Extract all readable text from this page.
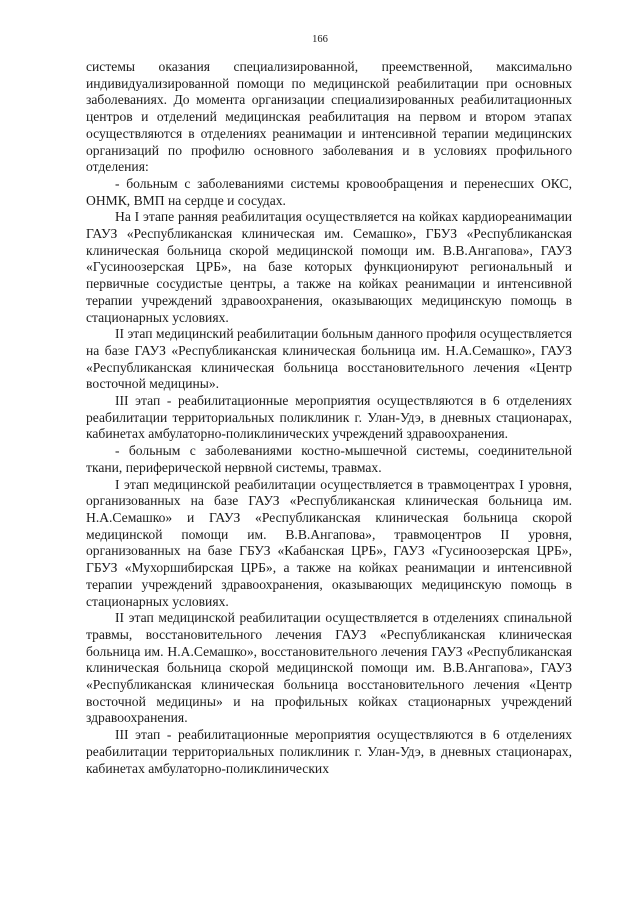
166

системы оказания специализированной, преемственной, максимально индивидуализированной помощи по медицинской реабилитации при основных заболеваниях. До момента организации специализированных реабилитационных центров и отделений медицинская реабилитация на первом и втором этапах осуществляются в отделениях реанимации и интенсивной терапии медицинских организаций по профилю основного заболевания и в условиях профильного отделения:

- больным с заболеваниями системы кровообращения и перенесших ОКС, ОНМК, ВМП на сердце и сосудах.

На I этапе ранняя реабилитация осуществляется на койках кардиореанимации ГАУЗ «Республиканская клиническая им. Семашко», ГБУЗ «Республиканская клиническая больница скорой медицинской помощи им. В.В.Ангапова», ГАУЗ «Гусиноозерская ЦРБ», на базе которых функционируют региональный и первичные сосудистые центры, а также на койках реанимации и интенсивной терапии учреждений здравоохранения, оказывающих медицинскую помощь в стационарных условиях.

II этап медицинский реабилитации больным данного профиля осуществляется на базе ГАУЗ «Республиканская клиническая больница им. Н.А.Семашко», ГАУЗ «Республиканская клиническая больница восстановительного лечения «Центр восточной медицины».

III этап - реабилитационные мероприятия осуществляются в 6 отделениях реабилитации территориальных поликлиник г. Улан-Удэ, в дневных стационарах, кабинетах амбулаторно-поликлинических учреждений здравоохранения.

- больным с заболеваниями костно-мышечной системы, соединительной ткани, периферической нервной системы, травмах.

I этап медицинской реабилитации осуществляется в травмоцентрах I уровня, организованных на базе ГАУЗ «Республиканская клиническая больница им. Н.А.Семашко» и ГАУЗ «Республиканская клиническая больница скорой медицинской помощи им. В.В.Ангапова», травмоцентров II уровня, организованных на базе ГБУЗ «Кабанская ЦРБ», ГАУЗ «Гусиноозерская ЦРБ», ГБУЗ «Мухоршибирская ЦРБ», а также на койках реанимации и интенсивной терапии учреждений здравоохранения, оказывающих медицинскую помощь в стационарных условиях.

II этап медицинской реабилитации осуществляется в отделениях спинальной травмы, восстановительного лечения ГАУЗ «Республиканская клиническая больница им. Н.А.Семашко», восстановительного лечения ГАУЗ «Республиканская клиническая больница скорой медицинской помощи им. В.В.Ангапова», ГАУЗ «Республиканская клиническая больница восстановительного лечения «Центр восточной медицины» и на профильных койках стационарных учреждений здравоохранения.

III этап - реабилитационные мероприятия осуществляются в 6 отделениях реабилитации территориальных поликлиник г. Улан-Удэ, в дневных стационарах, кабинетах амбулаторно-поликлинических
